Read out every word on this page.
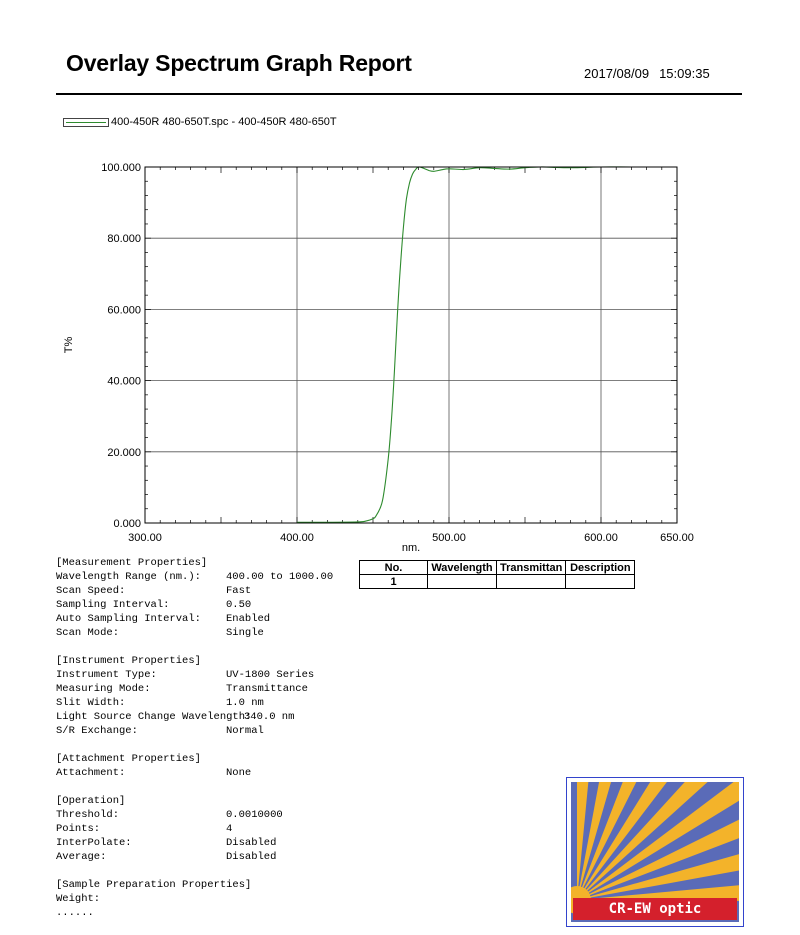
Overlay Spectrum Graph Report	2017/08/09 15:09:35
400-450R 480-650T.spc - 400-450R 480-650T
0.000
20.000
40.000
60.000
80.000
100.000
300.00	400.00	500.00	600.00	650.00
nm.
T%
No.	Wavelength	Transmittan	Description
1			
[Measurement Properties]
Wavelength Range (nm.):	400.00 to 1000.00
Scan Speed:	Fast
Sampling Interval:	0.50
Auto Sampling Interval:	Enabled
Scan Mode:	Single
[Instrument Properties]
Instrument Type:	UV-1800 Series
Measuring Mode:	Transmittance
Slit Width:	1.0 nm
Light Source Change Wavelength:
340.0 nm
S/R Exchange:	Normal
[Attachment Properties]
Attachment:	None
[Operation]
Threshold:	0.0010000
Points:	4
InterPolate:	Disabled
Average:	Disabled
[Sample Preparation Properties]
Weight:
......	CR-EW optic
